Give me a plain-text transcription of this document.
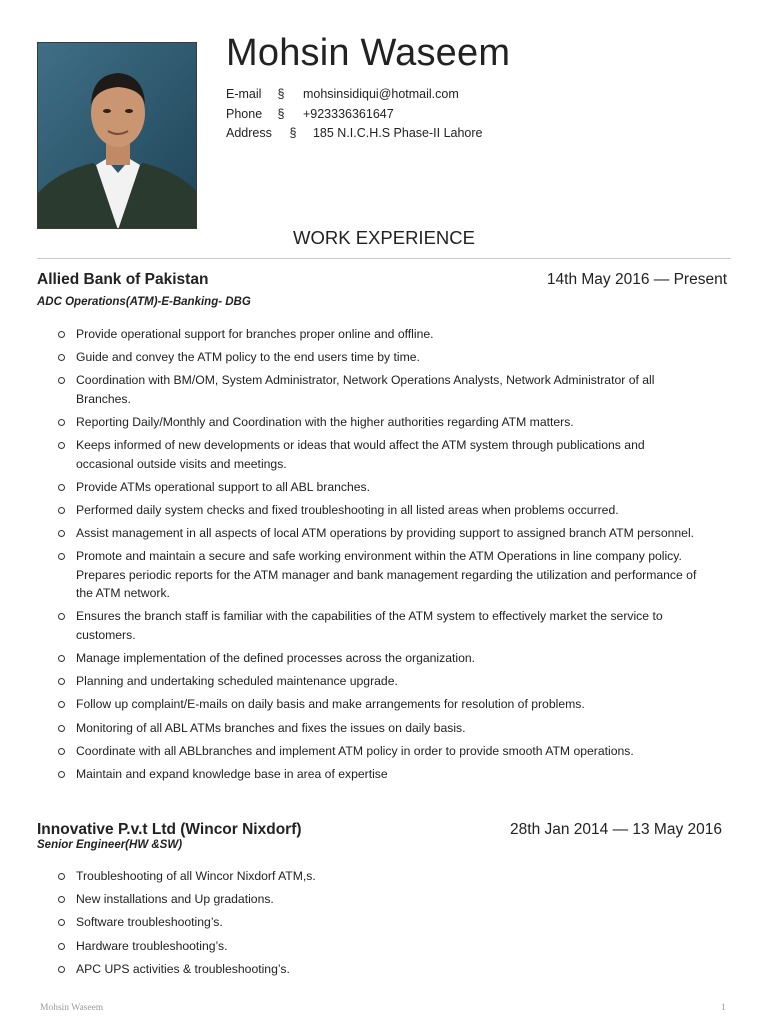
Mohsin Waseem
E-mail § mohsinsidiqui@hotmail.com
Phone § +923336361647
Address § 185 N.I.C.H.S Phase-II Lahore
WORK EXPERIENCE
Allied Bank of Pakistan	14th May 2016 — Present
ADC Operations(ATM)-E-Banking- DBG
Provide operational support for branches proper online and offline.
Guide and convey the ATM policy to the end users time by time.
Coordination with BM/OM, System Administrator, Network Operations Analysts, Network Administrator of all Branches.
Reporting Daily/Monthly and Coordination with the higher authorities regarding ATM matters.
Keeps informed of new developments or ideas that would affect the ATM system through publications and occasional outside visits and meetings.
Provide ATMs operational support to all ABL branches.
Performed daily system checks and fixed troubleshooting in all listed areas when problems occurred.
Assist management in all aspects of local ATM operations by providing support to assigned branch ATM personnel.
Promote and maintain a secure and safe working environment within the ATM Operations in line company policy. Prepares periodic reports for the ATM manager and bank management regarding the utilization and performance of the ATM network.
Ensures the branch staff is familiar with the capabilities of the ATM system to effectively market the service to customers.
Manage implementation of the defined processes across the organization.
Planning and undertaking scheduled maintenance upgrade.
Follow up complaint/E-mails on daily basis and make arrangements for resolution of problems.
Monitoring of all ABL ATMs branches and fixes the issues on daily basis.
Coordinate with all ABLbranches and implement ATM policy in order to provide smooth ATM operations.
Maintain and expand knowledge base in area of expertise
Innovative P.v.t Ltd (Wincor Nixdorf)	28th Jan 2014 — 13 May 2016
Senior Engineer(HW &SW)
Troubleshooting of all Wincor Nixdorf ATM,s.
New installations and Up gradations.
Software troubleshooting’s.
Hardware troubleshooting’s.
APC UPS activities & troubleshooting’s.
Mohsin Waseem	1
